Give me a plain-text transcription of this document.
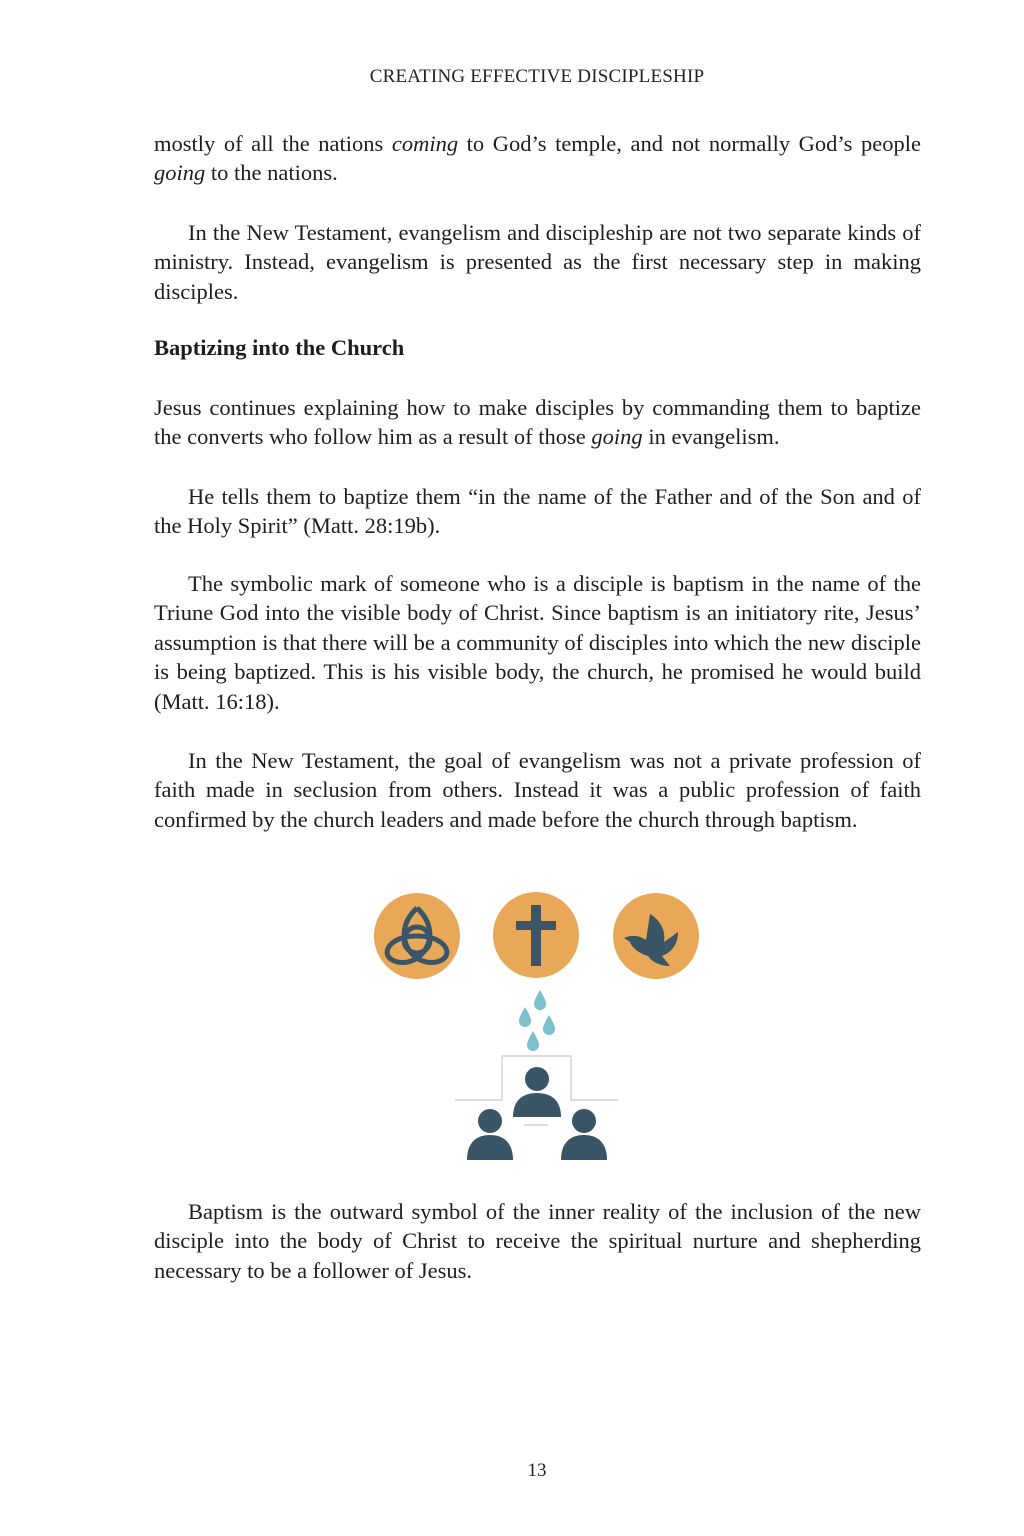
CREATING EFFECTIVE DISCIPLESHIP

mostly of all the nations coming to God’s temple, and not normally God’s people going to the nations.

In the New Testament, evangelism and discipleship are not two separate kinds of ministry. Instead, evangelism is presented as the first necessary step in making disciples.

Baptizing into the Church

Jesus continues explaining how to make disciples by commanding them to baptize the converts who follow him as a result of those going in evangelism.

He tells them to baptize them “in the name of the Father and of the Son and of the Holy Spirit” (Matt. 28:19b).

The symbolic mark of someone who is a disciple is baptism in the name of the Triune God into the visible body of Christ. Since baptism is an initiatory rite, Jesus’ assumption is that there will be a community of disciples into which the new disciple is being baptized. This is his visible body, the church, he promised he would build (Matt. 16:18).

In the New Testament, the goal of evangelism was not a private profession of faith made in seclusion from others. Instead it was a public profession of faith confirmed by the church leaders and made before the church through baptism.

Baptism is the outward symbol of the inner reality of the inclusion of the new disciple into the body of Christ to receive the spiritual nurture and shepherding necessary to be a follower of Jesus.

13
